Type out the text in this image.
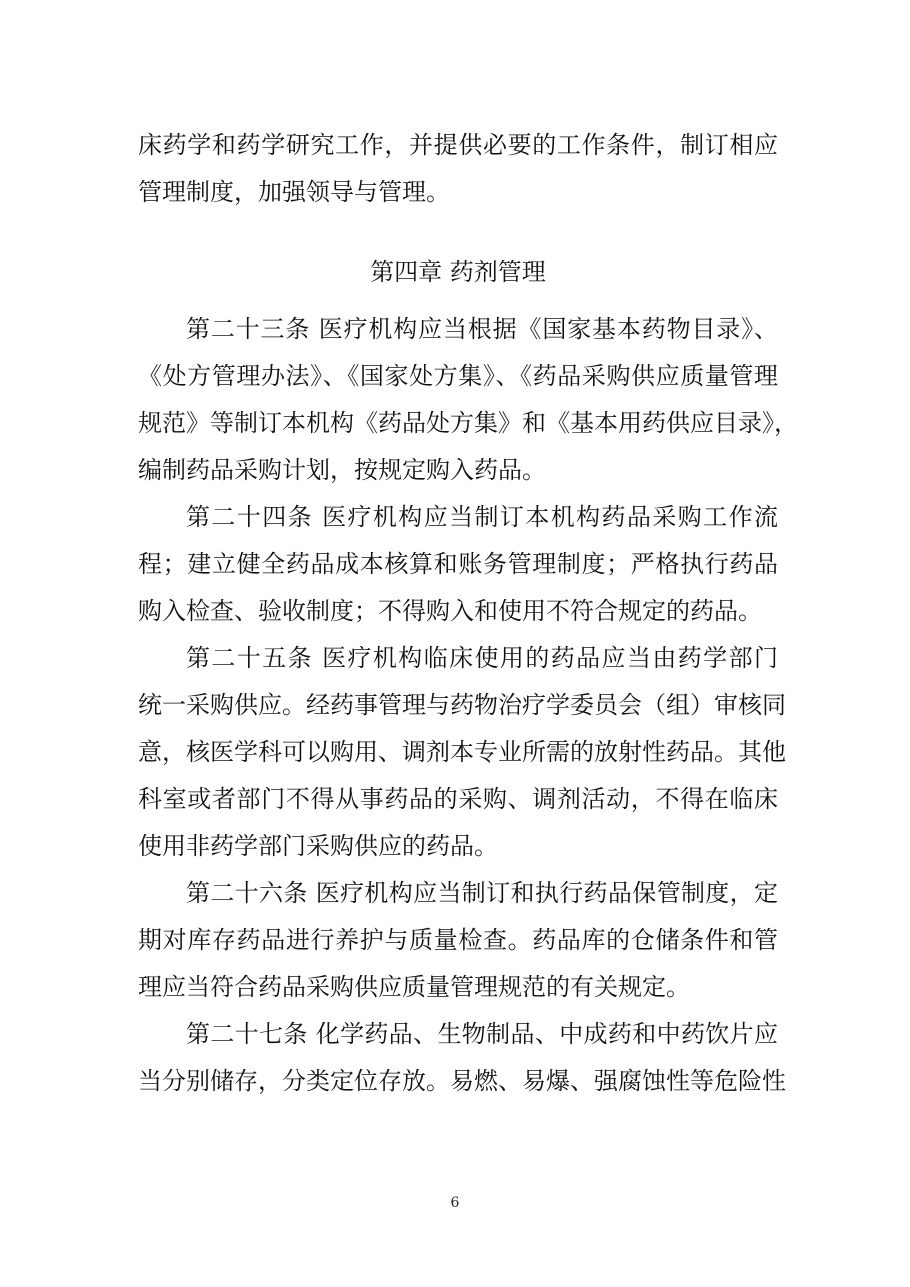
床药学和药学研究工作，并提供必要的工作条件，制订相应
管理制度，加强领导与管理。
第四章 药剂管理
第二十三条 医疗机构应当根据《国家基本药物目录》、
《处方管理办法》、《国家处方集》、《药品采购供应质量管理
规范》等制订本机构《药品处方集》和《基本用药供应目录》，
编制药品采购计划，按规定购入药品。
第二十四条 医疗机构应当制订本机构药品采购工作流
程；建立健全药品成本核算和账务管理制度；严格执行药品
购入检查、验收制度；不得购入和使用不符合规定的药品。
第二十五条 医疗机构临床使用的药品应当由药学部门
统一采购供应。经药事管理与药物治疗学委员会（组）审核同
意，核医学科可以购用、调剂本专业所需的放射性药品。其他
科室或者部门不得从事药品的采购、调剂活动，不得在临床
使用非药学部门采购供应的药品。
第二十六条 医疗机构应当制订和执行药品保管制度，定
期对库存药品进行养护与质量检查。药品库的仓储条件和管
理应当符合药品采购供应质量管理规范的有关规定。
第二十七条 化学药品、生物制品、中成药和中药饮片应
当分别储存，分类定位存放。易燃、易爆、强腐蚀性等危险性
6
